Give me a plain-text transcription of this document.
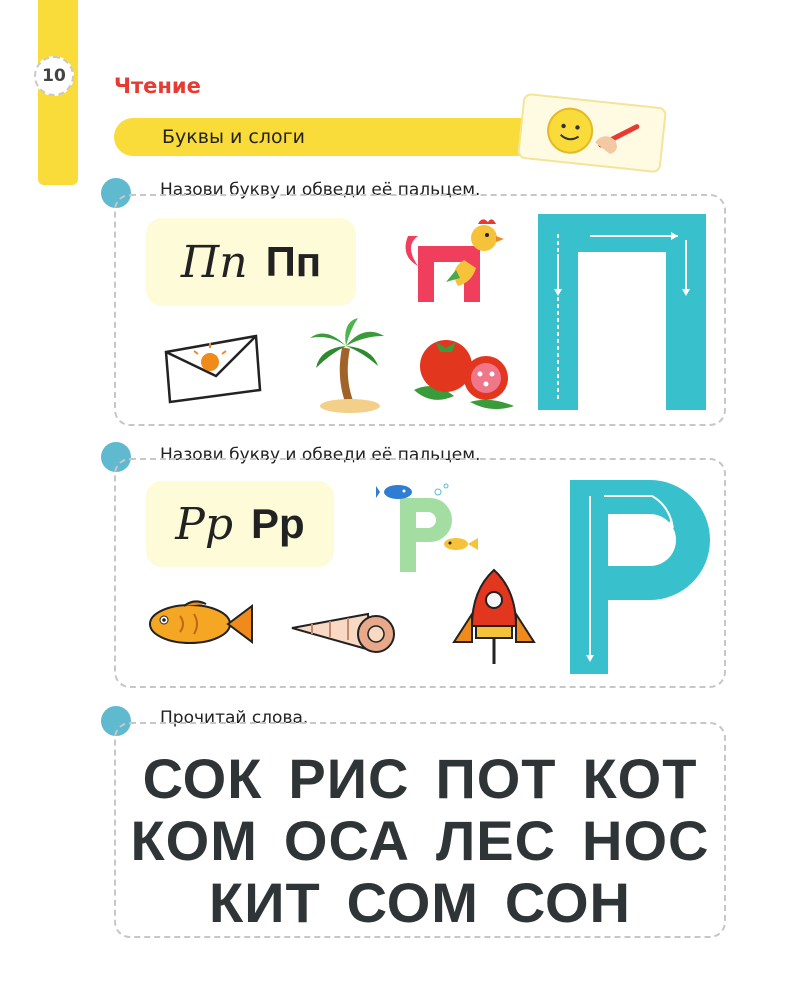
10	Чтение
Буквы и слоги
Назови букву и обведи её пальцем.
Пп Пп
Назови букву и обведи её пальцем.
Рр Рр
Прочитай слова.
СОК РИС ПОТ КОТ
КОМ ОСА ЛЕС НОС
КИТ СОМ СОН
